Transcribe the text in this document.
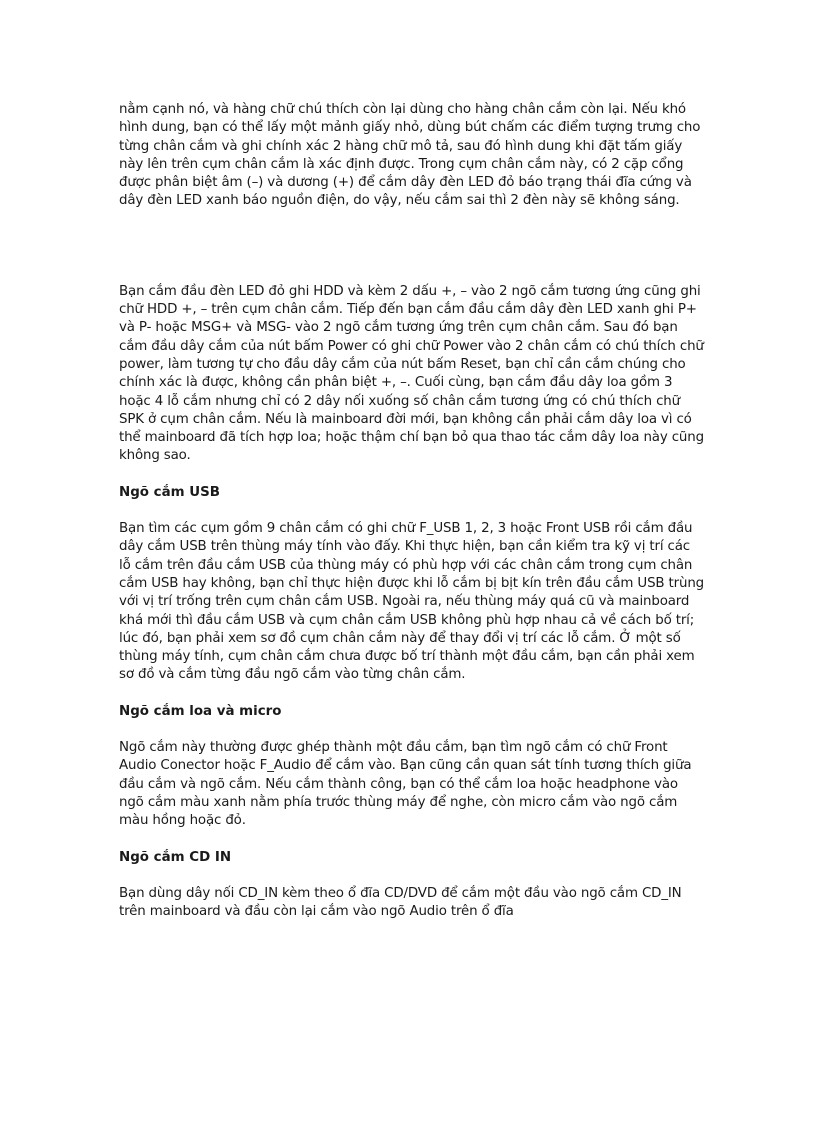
nằm cạnh nó, và hàng chữ chú thích còn lại dùng cho hàng chân cắm còn lại. Nếu khó hình dung, bạn có thể lấy một mảnh giấy nhỏ, dùng bút chấm các điểm tượng trưng cho từng chân cắm và ghi chính xác 2 hàng chữ mô tả, sau đó hình dung khi đặt tấm giấy này lên trên cụm chân cắm là xác định được. Trong cụm chân cắm này, có 2 cặp cổng được phân biệt âm (–) và dương (+) để cắm dây đèn LED đỏ báo trạng thái đĩa cứng và dây đèn LED xanh báo nguồn điện, do vậy, nếu cắm sai thì 2 đèn này sẽ không sáng.

Bạn cắm đầu đèn LED đỏ ghi HDD và kèm 2 dấu +, – vào 2 ngõ cắm tương ứng cũng ghi chữ HDD +, – trên cụm chân cắm. Tiếp đến bạn cắm đầu cắm dây đèn LED xanh ghi P+ và P- hoặc MSG+ và MSG- vào 2 ngõ cắm tương ứng trên cụm chân cắm. Sau đó bạn cắm đầu dây cắm của nút bấm Power có ghi chữ Power vào 2 chân cắm có chú thích chữ power, làm tương tự cho đầu dây cắm của nút bấm Reset, bạn chỉ cần cắm chúng cho chính xác là được, không cần phân biệt +, –. Cuối cùng, bạn cắm đầu dây loa gồm 3 hoặc 4 lỗ cắm nhưng chỉ có 2 dây nối xuống số chân cắm tương ứng có chú thích chữ SPK ở cụm chân cắm. Nếu là mainboard đời mới, bạn không cần phải cắm dây loa vì có thể mainboard đã tích hợp loa; hoặc thậm chí bạn bỏ qua thao tác cắm dây loa này cũng không sao.

Ngõ cắm USB

Bạn tìm các cụm gồm 9 chân cắm có ghi chữ F_USB 1, 2, 3 hoặc Front USB rồi cắm đầu dây cắm USB trên thùng máy tính vào đấy. Khi thực hiện, bạn cần kiểm tra kỹ vị trí các lỗ cắm trên đầu cắm USB của thùng máy có phù hợp với các chân cắm trong cụm chân cắm USB hay không, bạn chỉ thực hiện được khi lỗ cắm bị bịt kín trên đầu cắm USB trùng với vị trí trống trên cụm chân cắm USB. Ngoài ra, nếu thùng máy quá cũ và mainboard khá mới thì đầu cắm USB và cụm chân cắm USB không phù hợp nhau cả về cách bố trí; lúc đó, bạn phải xem sơ đồ cụm chân cắm này để thay đổi vị trí các lỗ cắm. Ở một số thùng máy tính, cụm chân cắm chưa được bố trí thành một đầu cắm, bạn cần phải xem sơ đồ và cắm từng đầu ngõ cắm vào từng chân cắm.

Ngõ cắm loa và micro

Ngõ cắm này thường được ghép thành một đầu cắm, bạn tìm ngõ cắm có chữ Front Audio Conector hoặc F_Audio để cắm vào. Bạn cũng cần quan sát tính tương thích giữa đầu cắm và ngõ cắm. Nếu cắm thành công, bạn có thể cắm loa hoặc headphone vào ngõ cắm màu xanh nằm phía trước thùng máy để nghe, còn micro cắm vào ngõ cắm màu hồng hoặc đỏ.

Ngõ cắm CD IN

Bạn dùng dây nối CD_IN kèm theo ổ đĩa CD/DVD để cắm một đầu vào ngõ cắm CD_IN trên mainboard và đầu còn lại cắm vào ngõ Audio trên ổ đĩa
